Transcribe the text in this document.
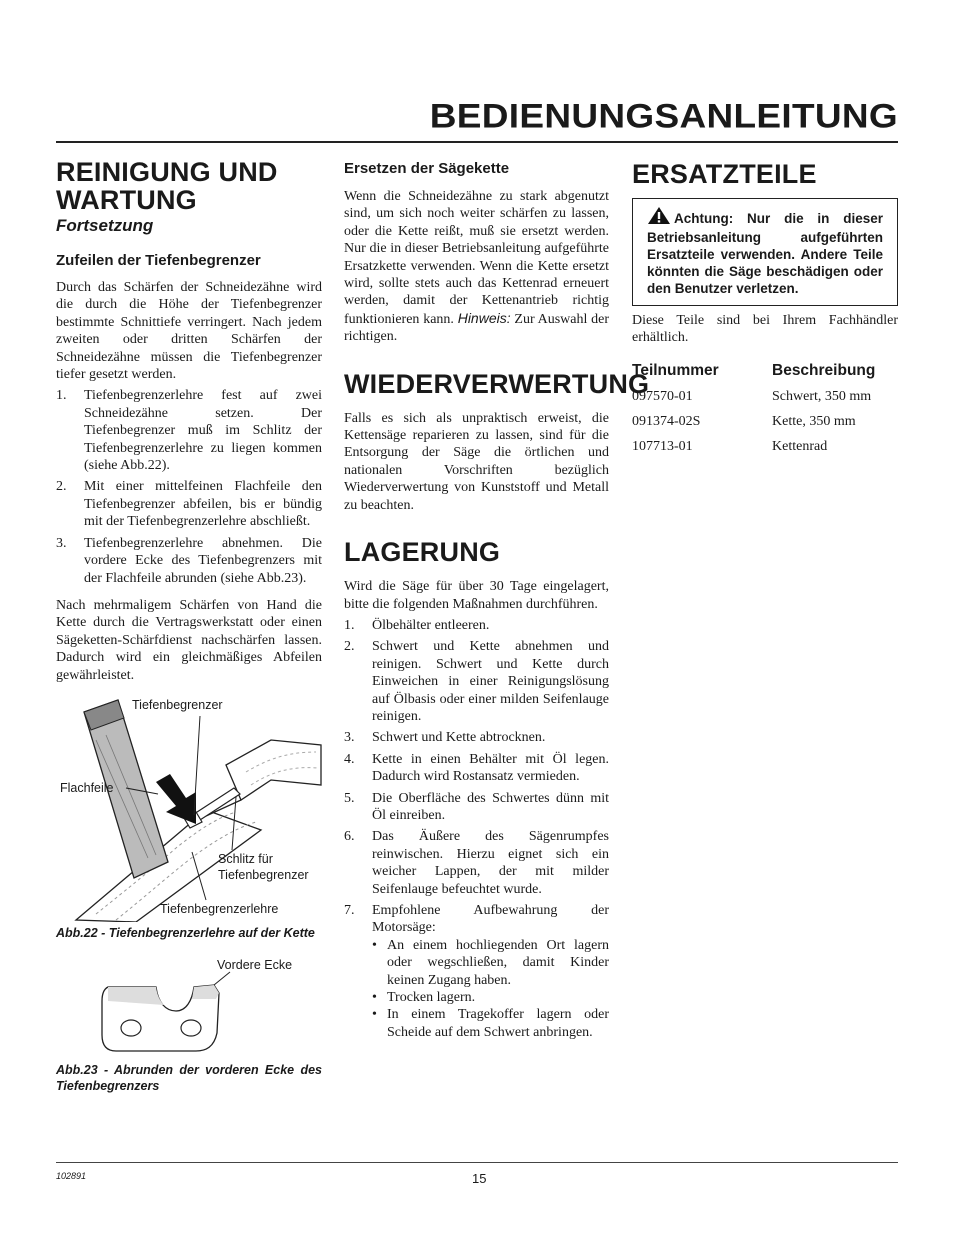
BEDIENUNGSANLEITUNG
REINIGUNG UND WARTUNG

Fortsetzung

Zufeilen der Tiefenbegrenzer

Durch das Schärfen der Schneidezähne wird die durch die Höhe der Tiefenbegrenzer bestimmte Schnittiefe verringert. Nach jedem zweiten oder dritten Schärfen der Schneidezähne müssen die Tiefenbegrenzer tiefer gesetzt werden.

1. Tiefenbegrenzerlehre fest auf zwei Schneidezähne setzen. Der Tiefenbegrenzer muß im Schlitz der Tiefenbegrenzerlehre zu liegen kommen (siehe Abb.22).
2. Mit einer mittelfeinen Flachfeile den Tiefenbegrenzer abfeilen, bis er bündig mit der Tiefenbegrenzerlehre abschließt.
3. Tiefenbegrenzerlehre abnehmen. Die vordere Ecke des Tiefenbegrenzers mit der Flachfeile abrunden (siehe Abb.23).

Nach mehrmaligem Schärfen von Hand die Kette durch die Vertragswerkstatt oder einen Sägeketten-Schärfdienst nachschärfen lassen. Dadurch wird ein gleichmäßiges Abfeilen gewährleistet.

Tiefenbegrenzer
Flachfeile
Schlitz für
Tiefenbegrenzer
Tiefenbegrenzerlehre

Abb.22 - Tiefenbegrenzerlehre auf der Kette

Vordere Ecke

Abb.23 - Abrunden der vorderen Ecke des Tiefenbegrenzers

Ersetzen der Sägekette

Wenn die Schneidezähne zu stark abgenutzt sind, um sich noch weiter schärfen zu lassen, oder die Kette reißt, muß sie ersetzt werden. Nur die in dieser Betriebsanleitung aufgeführte Ersatzkette verwenden. Wenn die Kette ersetzt wird, sollte stets auch das Kettenrad erneuert werden, damit der Kettenantrieb richtig funktionieren kann. Hinweis: Zur Auswahl der richtigen.

WIEDERVERWERTUNG

Falls es sich als unpraktisch erweist, die Kettensäge reparieren zu lassen, sind für die Entsorgung der Säge die örtlichen und nationalen Vorschriften bezüglich Wiederverwertung von Kunststoff und Metall zu beachten.

LAGERUNG

Wird die Säge für über 30 Tage eingelagert, bitte die folgenden Maßnahmen durchführen.

1. Ölbehälter entleeren.
2. Schwert und Kette abnehmen und reinigen. Schwert und Kette durch Einweichen in einer Reinigungslösung auf Ölbasis oder einer milden Seifenlauge reinigen.
3. Schwert und Kette abtrocknen.
4. Kette in einen Behälter mit Öl legen. Dadurch wird Rostansatz vermieden.
5. Die Oberfläche des Schwertes dünn mit Öl einreiben.
6. Das Äußere des Sägenrumpfes reinwischen. Hierzu eignet sich ein weicher Lappen, der mit milder Seifenlauge befeuchtet wurde.
7. Empfohlene Aufbewahrung der Motorsäge:
• An einem hochliegenden Ort lagern oder wegschließen, damit Kinder keinen Zugang haben.
• Trocken lagern.
• In einem Tragekoffer lagern oder Scheide auf dem Schwert anbringen.
ERSATZTEILE

Achtung: Nur die in dieser Betriebsanleitung aufgeführten Ersatzteile verwenden. Andere Teile könnten die Säge beschädigen oder den Benutzer verletzen.

Diese Teile sind bei Ihrem Fachhändler erhältlich.

Teilnummer	Beschreibung
097570-01	Schwert, 350 mm
091374-02S	Kette, 350 mm
107713-01	Kettenrad
102891	15
